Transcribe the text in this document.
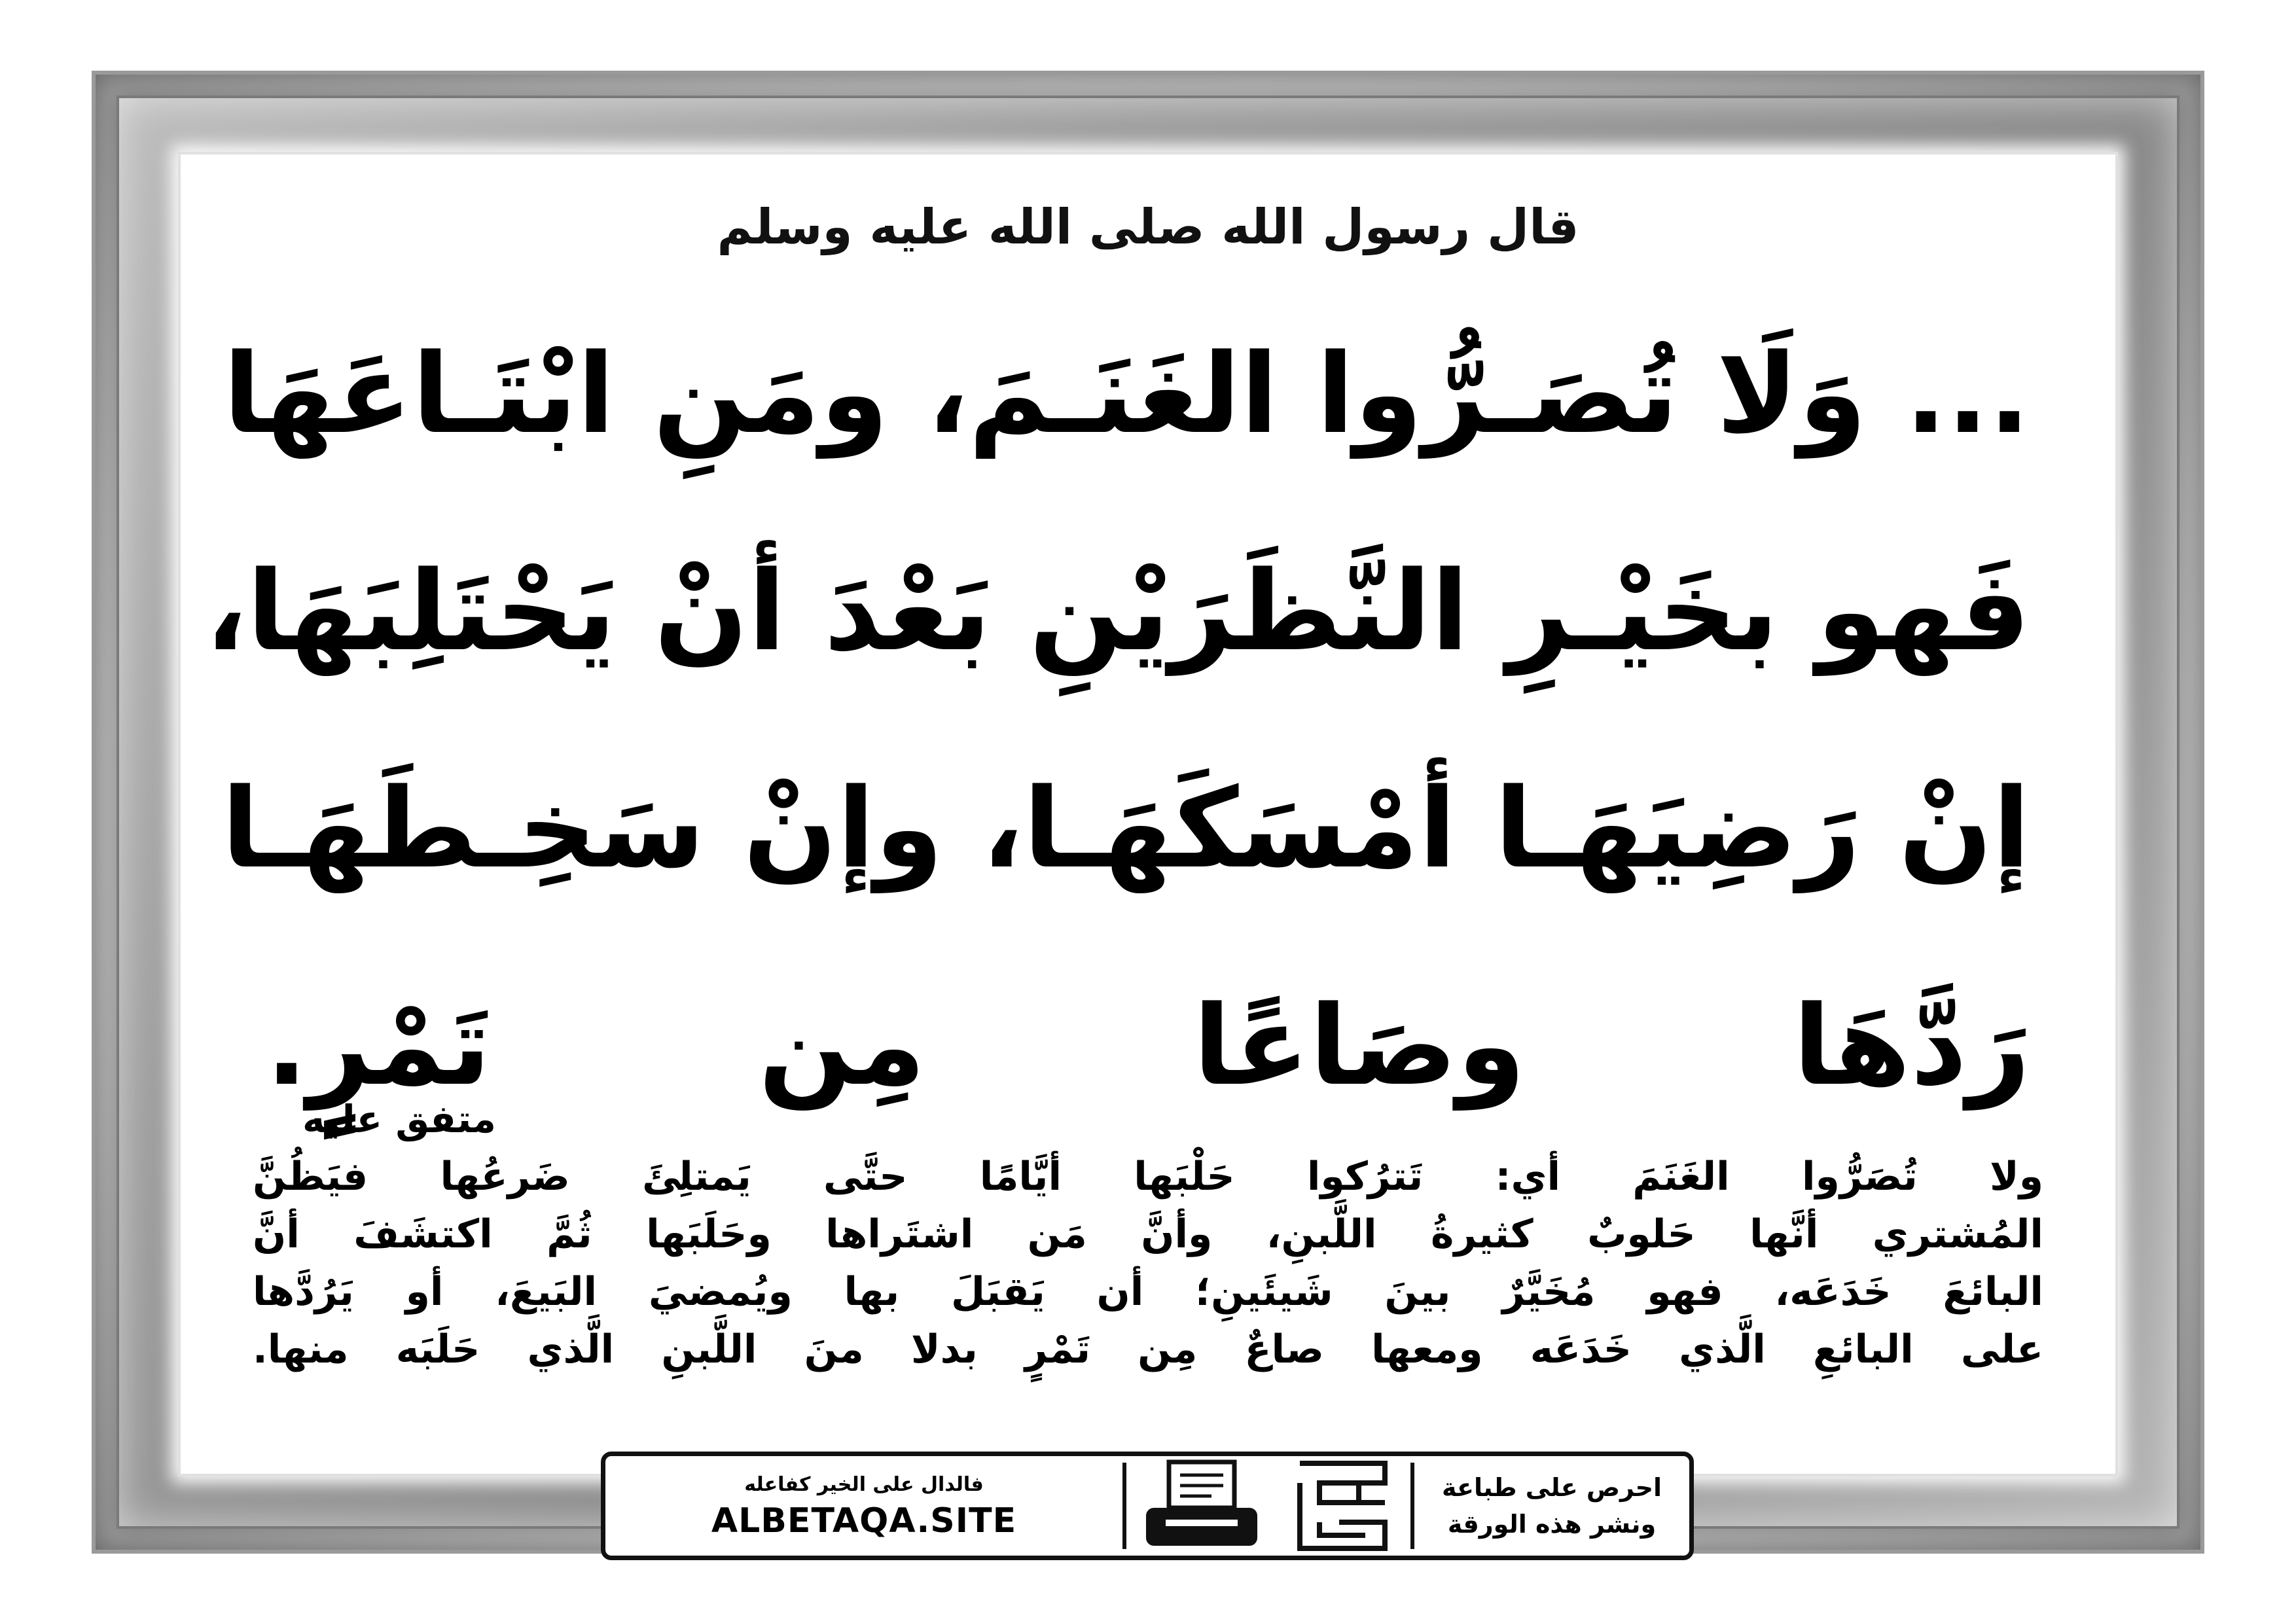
قال رسول الله صلى الله عليه وسلم
... وَلَا تُصَـرُّوا الغَنَـمَ، ومَنِ ابْتَـاعَهَا
فَهو بخَيْـرِ النَّظَرَيْنِ بَعْدَ أنْ يَحْتَلِبَهَا،
إنْ رَضِيَهَـا أمْسَكَهَـا، وإنْ سَخِـطَهَـا
رَدَّهَا وصَاعًا مِن تَمْرٍ.
متفق عليه
ولا تُصَرُّوا الغَنَمَ أي: تَترُكوا حَلْبَها أيَّامًا حتَّى يَمتلِئَ ضَرعُها فيَظُنَّ
المُشتري أنَّها حَلوبٌ كثيرةُ اللَّبنِ، وأنَّ مَن اشتَراها وحَلَبَها ثُمَّ اكتشَفَ أنَّ
البائعَ خَدَعَه، فهو مُخَيَّرٌ بينَ شَيئَينِ؛ أن يَقبَلَ بها ويُمضيَ البَيعَ، أو يَرُدَّها
على البائعِ الَّذي خَدَعَه ومعها صاعٌ مِن تَمْرٍ بدلا منَ اللَّبنِ الَّذي حَلَبَه منها.
احرص على طباعة
ونشر هذه الورقة
فالدال على الخير كفاعله
ALBETAQA.SITE
